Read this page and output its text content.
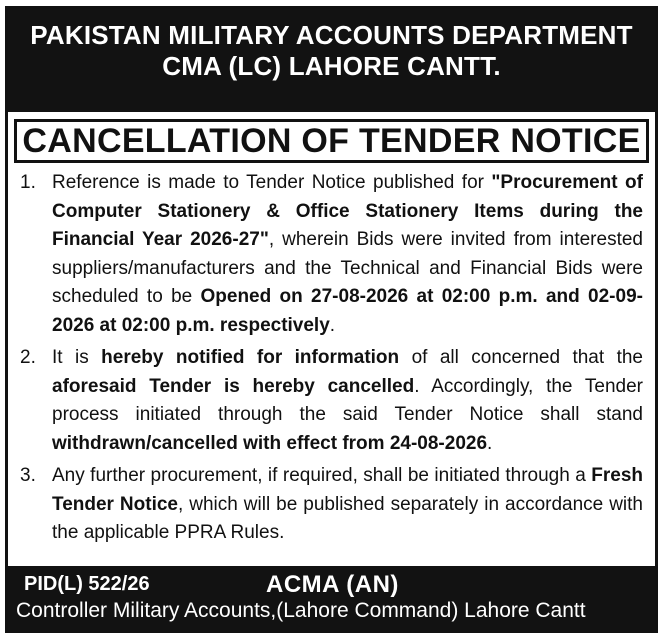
PAKISTAN MILITARY ACCOUNTS DEPARTMENT
CMA (LC) LAHORE CANTT.
CANCELLATION OF TENDER NOTICE
1. Reference is made to Tender Notice published for "Procurement of Computer Stationery & Office Stationery Items during the Financial Year 2026-27", wherein Bids were invited from interested suppliers/manufacturers and the Technical and Financial Bids were scheduled to be Opened on 27-08-2026 at 02:00 p.m. and 02-09-2026 at 02:00 p.m. respectively.
2. It is hereby notified for information of all concerned that the aforesaid Tender is hereby cancelled. Accordingly, the Tender process initiated through the said Tender Notice shall stand withdrawn/cancelled with effect from 24-08-2026.
3. Any further procurement, if required, shall be initiated through a Fresh Tender Notice, which will be published separately in accordance with the applicable PPRA Rules.
PID(L) 522/26	ACMA (AN)
Controller Military Accounts,(Lahore Command) Lahore Cantt
